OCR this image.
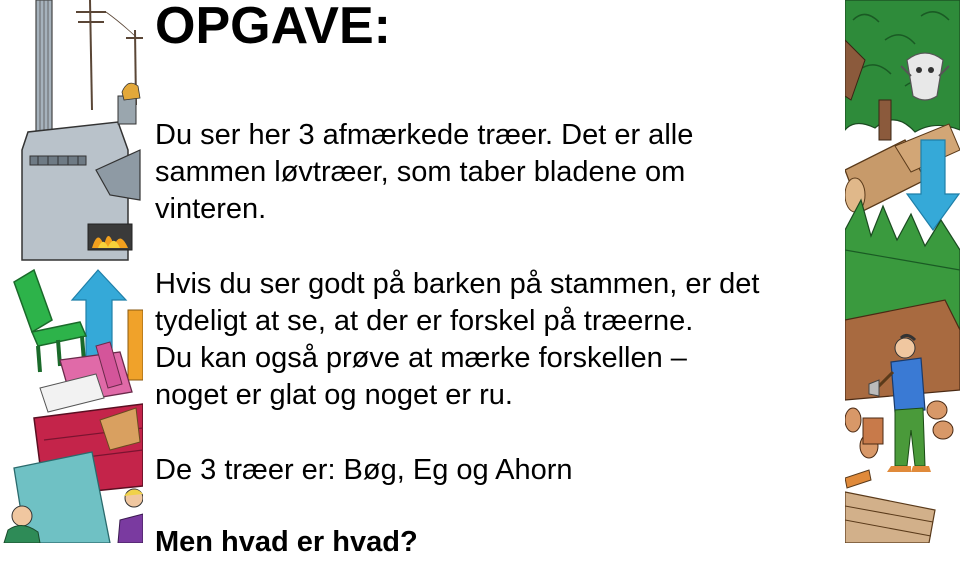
OPGAVE:

Du ser her 3 afmærkede træer. Det er alle
sammen løvtræer, som taber bladene om
vinteren.

Hvis du ser godt på barken på stammen, er det
tydeligt at se, at der er forskel på træerne.
Du kan også prøve at mærke forskellen –
noget er glat og noget er ru.

De 3 træer er: Bøg, Eg og Ahorn

Men hvad er hvad?
